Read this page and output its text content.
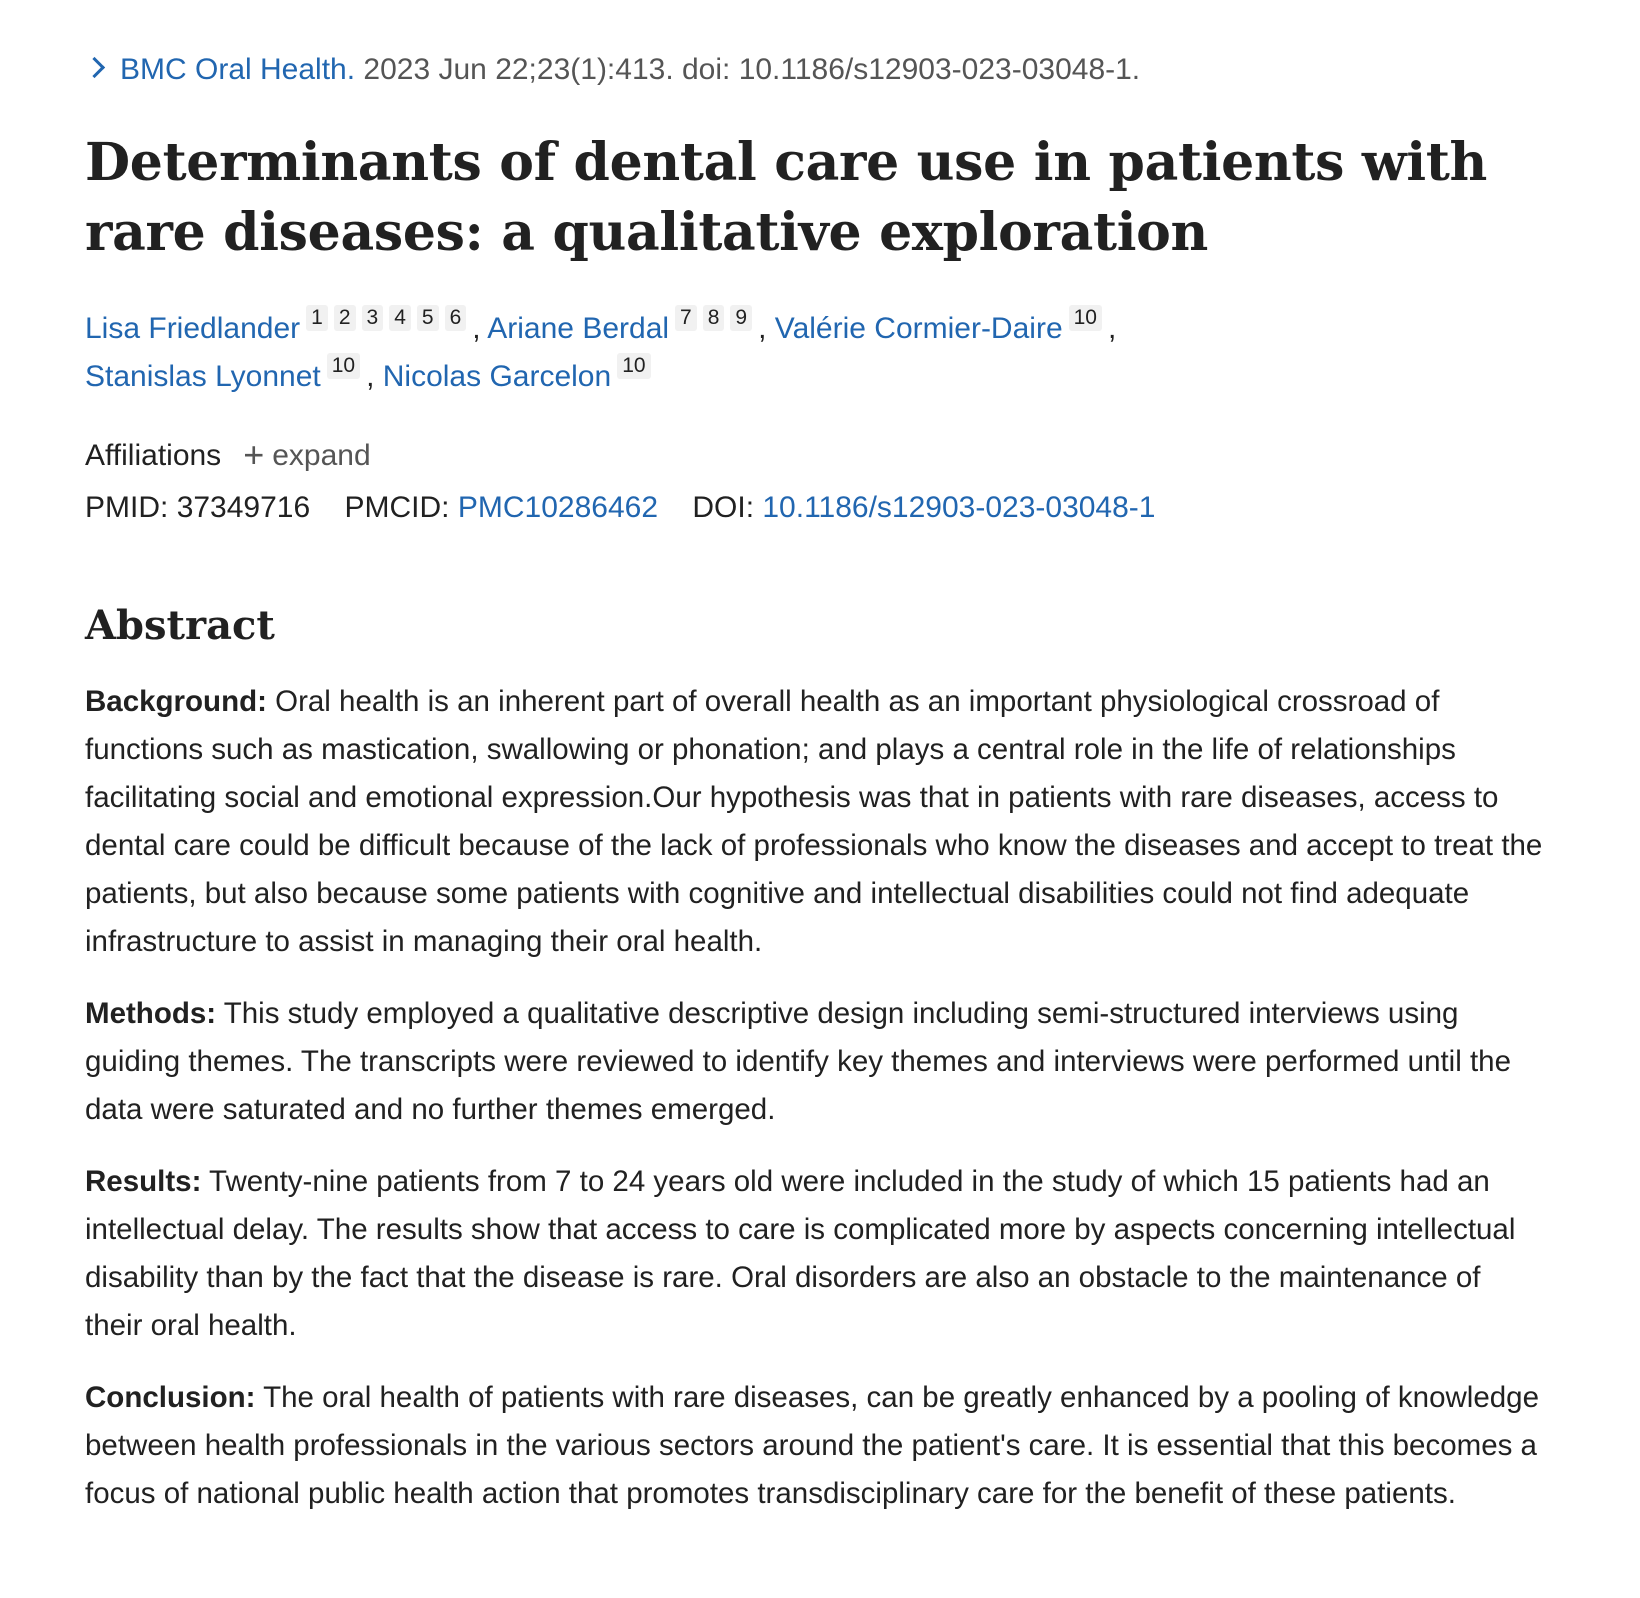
BMC Oral Health. 2023 Jun 22;23(1):413. doi: 10.1186/s12903-023-03048-1.
Determinants of dental care use in patients with rare diseases: a qualitative exploration
Lisa Friedlander 1 2 3 4 5 6 , Ariane Berdal 7 8 9 , Valérie Cormier-Daire 10 ,
Stanislas Lyonnet 10 , Nicolas Garcelon 10
Affiliations + expand
PMID: 37349716 PMCID: PMC10286462 DOI: 10.1186/s12903-023-03048-1
Abstract

Background: Oral health is an inherent part of overall health as an important physiological crossroad of functions such as mastication, swallowing or phonation; and plays a central role in the life of relationships facilitating social and emotional expression.Our hypothesis was that in patients with rare diseases, access to dental care could be difficult because of the lack of professionals who know the diseases and accept to treat the patients, but also because some patients with cognitive and intellectual disabilities could not find adequate infrastructure to assist in managing their oral health.

Methods: This study employed a qualitative descriptive design including semi-structured interviews using guiding themes. The transcripts were reviewed to identify key themes and interviews were performed until the data were saturated and no further themes emerged.

Results: Twenty-nine patients from 7 to 24 years old were included in the study of which 15 patients had an intellectual delay. The results show that access to care is complicated more by aspects concerning intellectual disability than by the fact that the disease is rare. Oral disorders are also an obstacle to the maintenance of their oral health.

Conclusion: The oral health of patients with rare diseases, can be greatly enhanced by a pooling of knowledge between health professionals in the various sectors around the patient's care. It is essential that this becomes a focus of national public health action that promotes transdisciplinary care for the benefit of these patients.
